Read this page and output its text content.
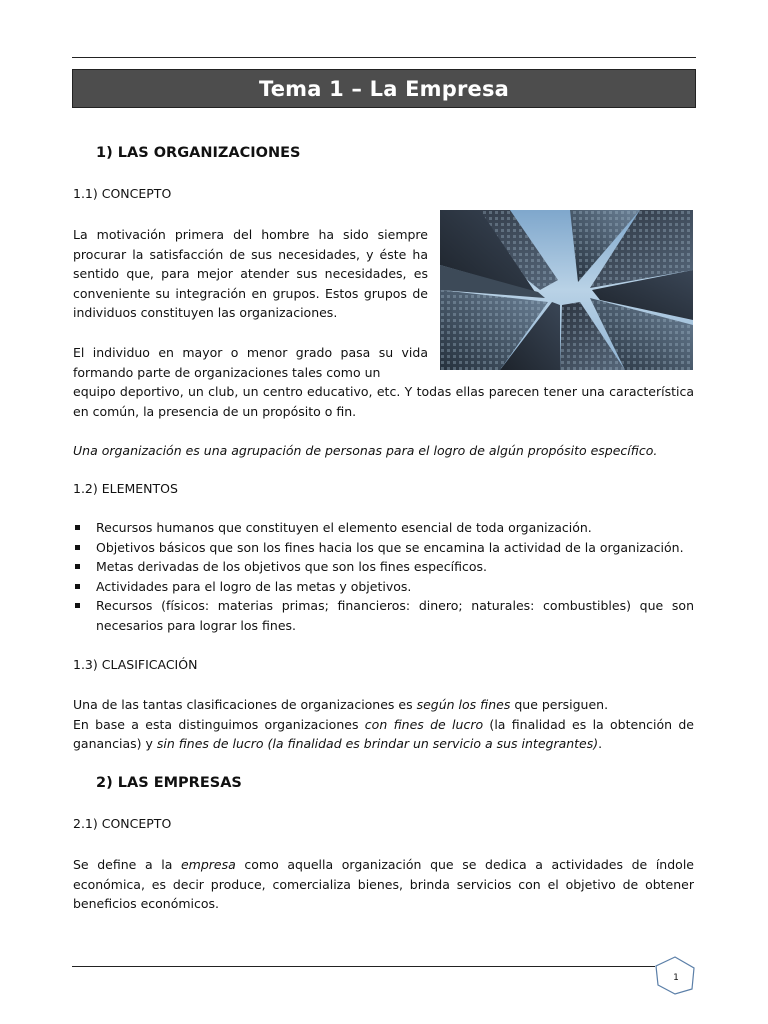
Tema 1 – La Empresa
1) LAS ORGANIZACIONES
1.1) CONCEPTO
La motivación primera del hombre ha sido siempre procurar la satisfacción de sus necesidades, y éste ha sentido que, para mejor atender sus necesidades, es conveniente su integración en grupos. Estos grupos de individuos constituyen las organizaciones.
El individuo en mayor o menor grado pasa su vida formando parte de organizaciones tales como un
equipo deportivo, un club, un centro educativo, etc. Y todas ellas parecen tener una característica en común, la presencia de un propósito o fin.
Una organización es una agrupación de personas para el logro de algún propósito específico.
1.2) ELEMENTOS
Recursos humanos que constituyen el elemento esencial de toda organización.
Objetivos básicos que son los fines hacia los que se encamina la actividad de la organización.
Metas derivadas de los objetivos que son los fines específicos.
Actividades para el logro de las metas y objetivos.
Recursos (físicos: materias primas; financieros: dinero; naturales: combustibles) que son necesarios para lograr los fines.
1.3) CLASIFICACIÓN
Una de las tantas clasificaciones de organizaciones es según los fines que persiguen.
En base a esta distinguimos organizaciones con fines de lucro (la finalidad es la obtención de ganancias) y sin fines de lucro (la finalidad es brindar un servicio a sus integrantes).
2) LAS EMPRESAS
2.1) CONCEPTO
Se define a la empresa como aquella organización que se dedica a actividades de índole económica, es decir produce, comercializa bienes, brinda servicios con el objetivo de obtener beneficios económicos.
1
